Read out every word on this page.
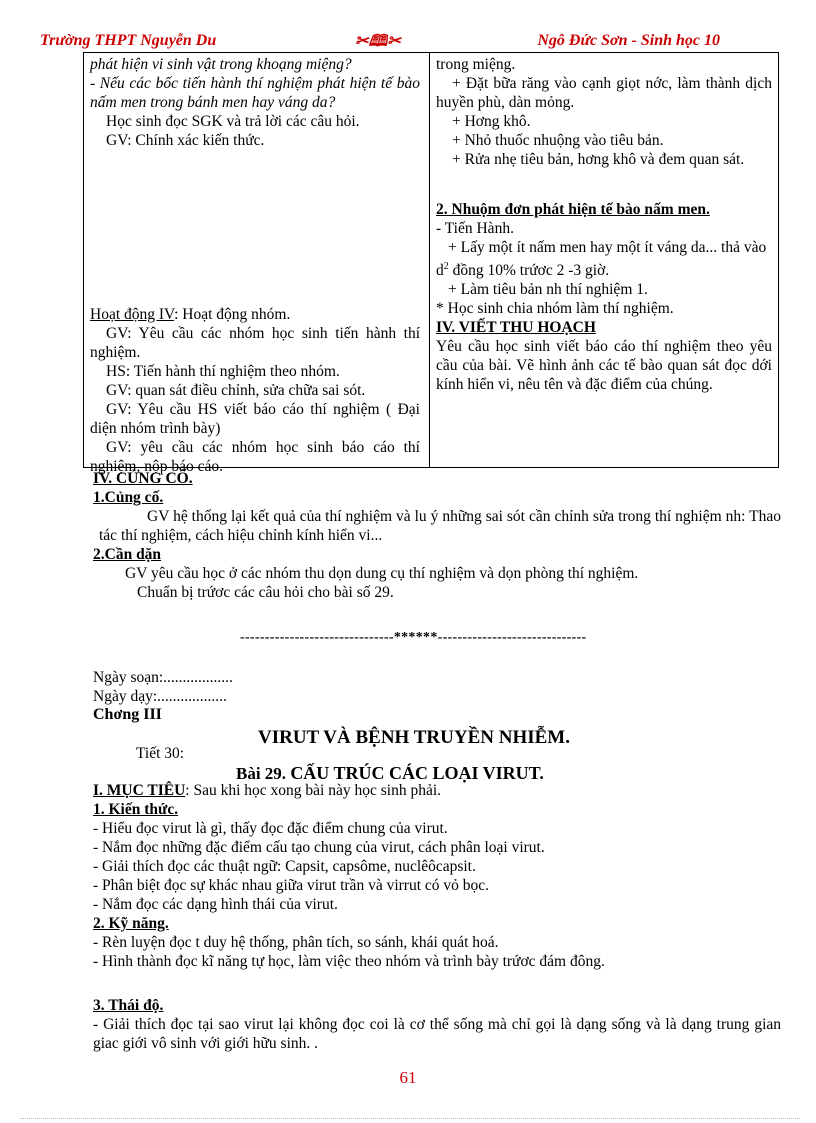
Trường THPT Nguyễn Du	✂🕮✂	Ngô Đức Sơn - Sinh học 10

phát hiện vi sinh vật trong khoạng miệng?

- Nếu các bốc tiến hành thí nghiệm phát hiện tế bào nấm men trong bánh men hay váng da?

Học sinh đọc SGK và trả lời các câu hỏi.

GV: Chính xác kiến thức.

Hoạt động IV: Hoạt động nhóm.

GV: Yêu cầu các nhóm học sinh tiến hành thí nghiệm.

HS: Tiến hành thí nghiệm theo nhóm.

GV: quan sát điều chỉnh, sửa chữa sai sót.

GV: Yêu cầu HS viết báo cáo thí nghiệm ( Đại diện nhóm trình bày)

GV: yêu cầu các nhóm học sinh báo cáo thí nghiệm, nộp báo cáo.

trong miệng.

+ Đặt bữa răng vào cạnh giọt nớc, làm thành dịch huyền phù, dàn mỏng.

+ Hơng khô.

+ Nhỏ thuốc nhuộng vào tiêu bản.

+ Rửa nhẹ tiêu bản, hơng khô và đem quan sát.

2. Nhuộm đơn phát hiện tế bào nấm men.

- Tiến Hành.

+ Lấy một ít nấm men hay một ít váng da... thả vào $d^2$ đồng 10% trứơc 2 -3 giờ.

+ Làm tiêu bản nh thí nghiệm 1.

* Học sinh chia nhóm làm thí nghiệm.

IV. VIẾT THU HOẠCH

Yêu cầu học sinh viết báo cáo thí nghiệm theo yêu cầu của bài. Vẽ hình ảnh các tế bào quan sát đọc dới kính hiển vi, nêu tên và đặc điểm của chúng.

IV. CỦNG CỐ.

1.Củng cố.

GV hệ thống lại kết quả của thí nghiệm và lu ý những sai sót cần chỉnh sửa trong thí nghiệm nh: Thao tác thí nghiệm, cách hiệu chỉnh kính hiển vi...

2.Cần dặn

GV yêu cầu học ở các nhóm thu dọn dung cụ thí nghiệm và dọn phòng thí nghiệm.

Chuẩn bị trứơc các câu hỏi cho bài số 29.

-------------------------------******------------------------------

Ngày soạn:..................

Ngày dạy:..................

Chơng III
VIRUT VÀ BỆNH TRUYỀN NHIỄM.
Tiết 30:
Bài 29. CẤU TRÚC CÁC LOẠI VIRUT.

I. MỤC TIÊU: Sau khi học xong bài này học sinh phải.

1. Kiến thức.

- Hiểu đọc virut là gì, thấy đọc đặc điểm chung của virut.

- Nắm đọc những đặc điểm cấu tạo chung của virut, cách phân loại virut.

- Giải thích đọc các thuật ngữ: Capsit, capsôme, nuclêôcapsit.

- Phân biệt đọc sự khác nhau giữa virut trần và virrut có vỏ bọc.

- Nắm đọc các dạng hình thái của virut.

2. Kỹ năng.

- Rèn luyện đọc t duy hệ thống, phân tích, so sánh, khái quát hoá.

- Hình thành đọc kĩ năng tự học, làm việc theo nhóm và trình bày trứơc đám đông.

3. Thái độ.

- Giải thích đọc tại sao virut lại không đọc coi là cơ thể sống mà chỉ gọi là dạng sống và là dạng trung gian giac giới vô sinh với giới hữu sinh. .

61
